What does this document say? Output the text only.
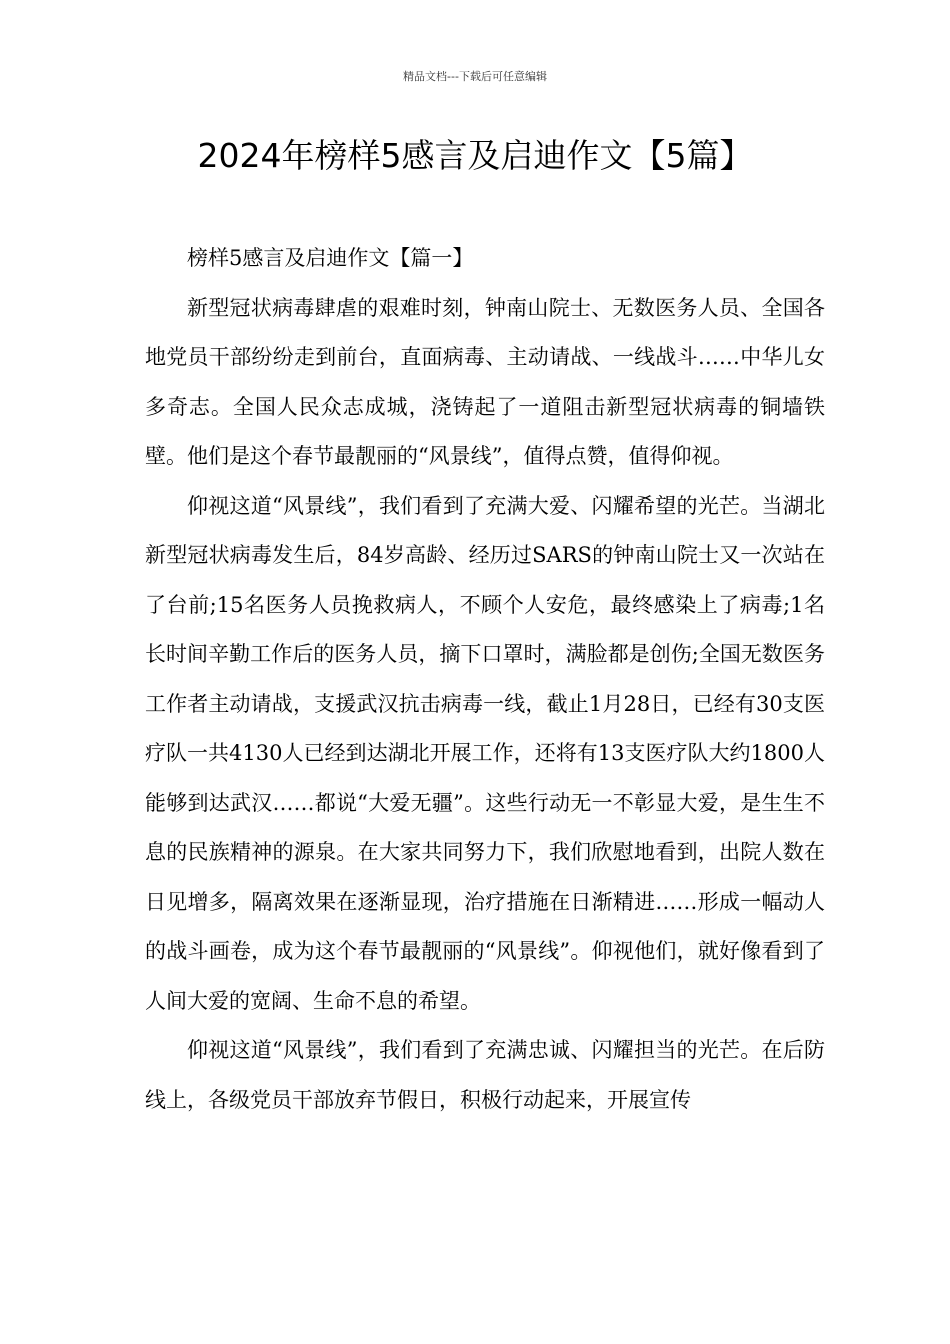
精品文档---下载后可任意编辑
2024年榜样5感言及启迪作文【5篇】

榜样5感言及启迪作文【篇一】

新型冠状病毒肆虐的艰难时刻，钟南山院士、无数医务人员、全国各地党员干部纷纷走到前台，直面病毒、主动请战、一线战斗……中华儿女多奇志。全国人民众志成城，浇铸起了一道阻击新型冠状病毒的铜墙铁壁。他们是这个春节最靓丽的“风景线”，值得点赞，值得仰视。

仰视这道“风景线”，我们看到了充满大爱、闪耀希望的光芒。当湖北新型冠状病毒发生后，84岁高龄、经历过SARS的钟南山院士又一次站在了台前;15名医务人员挽救病人，不顾个人安危，最终感染上了病毒;1名长时间辛勤工作后的医务人员，摘下口罩时，满脸都是创伤;全国无数医务工作者主动请战，支援武汉抗击病毒一线，截止1月28日，已经有30支医疗队一共4130人已经到达湖北开展工作，还将有13支医疗队大约1800人能够到达武汉……都说“大爱无疆”。这些行动无一不彰显大爱，是生生不息的民族精神的源泉。在大家共同努力下，我们欣慰地看到，出院人数在日见增多，隔离效果在逐渐显现，治疗措施在日渐精进……形成一幅动人的战斗画卷，成为这个春节最靓丽的“风景线”。仰视他们，就好像看到了人间大爱的宽阔、生命不息的希望。

仰视这道“风景线”，我们看到了充满忠诚、闪耀担当的光芒。在后防线上，各级党员干部放弃节假日，积极行动起来，开展宣传
